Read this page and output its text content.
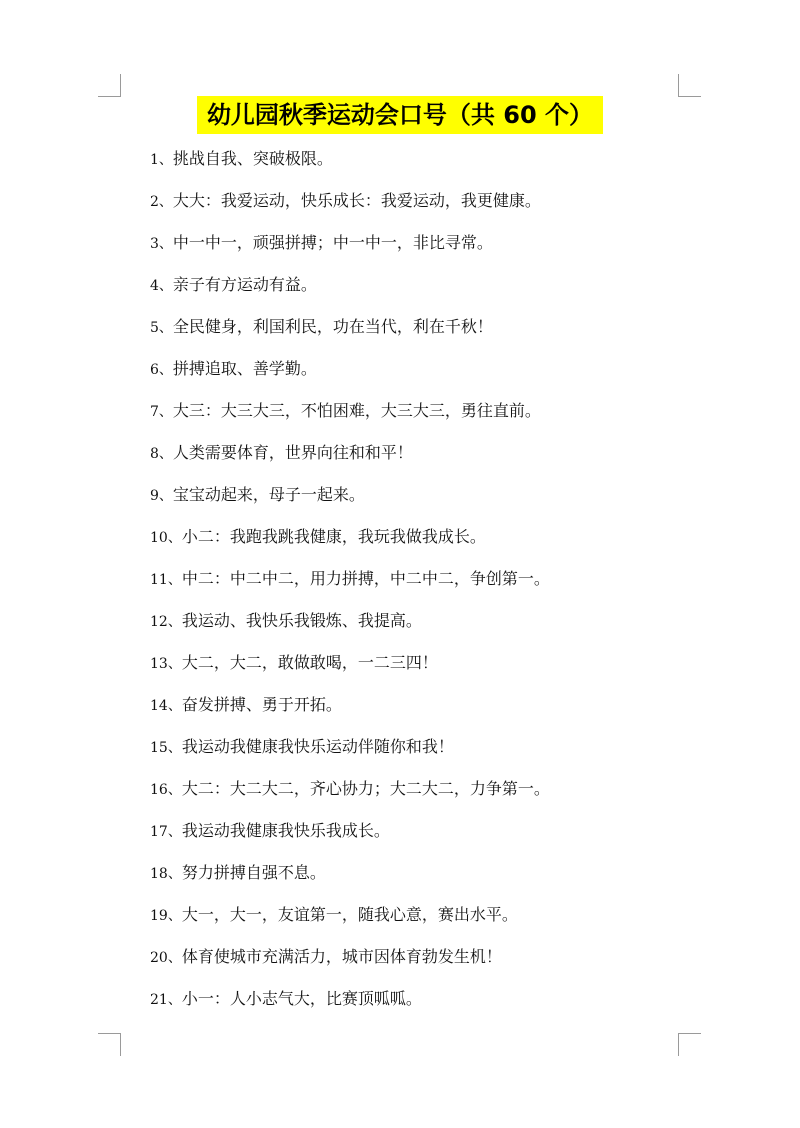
幼儿园秋季运动会口号（共 60 个）
1、挑战自我、突破极限。
2、大大：我爱运动，快乐成长：我爱运动，我更健康。
3、中一中一，顽强拼搏；中一中一，非比寻常。
4、亲子有方运动有益。
5、全民健身，利国利民，功在当代，利在千秋！
6、拼搏追取、善学勤。
7、大三：大三大三，不怕困难，大三大三，勇往直前。
8、人类需要体育，世界向往和和平！
9、宝宝动起来，母子一起来。
10、小二：我跑我跳我健康，我玩我做我成长。
11、中二：中二中二，用力拼搏，中二中二，争创第一。
12、我运动、我快乐我锻炼、我提高。
13、大二，大二，敢做敢喝，一二三四！
14、奋发拼搏、勇于开拓。
15、我运动我健康我快乐运动伴随你和我！
16、大二：大二大二，齐心协力；大二大二，力争第一。
17、我运动我健康我快乐我成长。
18、努力拼搏自强不息。
19、大一，大一，友谊第一，随我心意，赛出水平。
20、体育使城市充满活力，城市因体育勃发生机！
21、小一：人小志气大，比赛顶呱呱。
